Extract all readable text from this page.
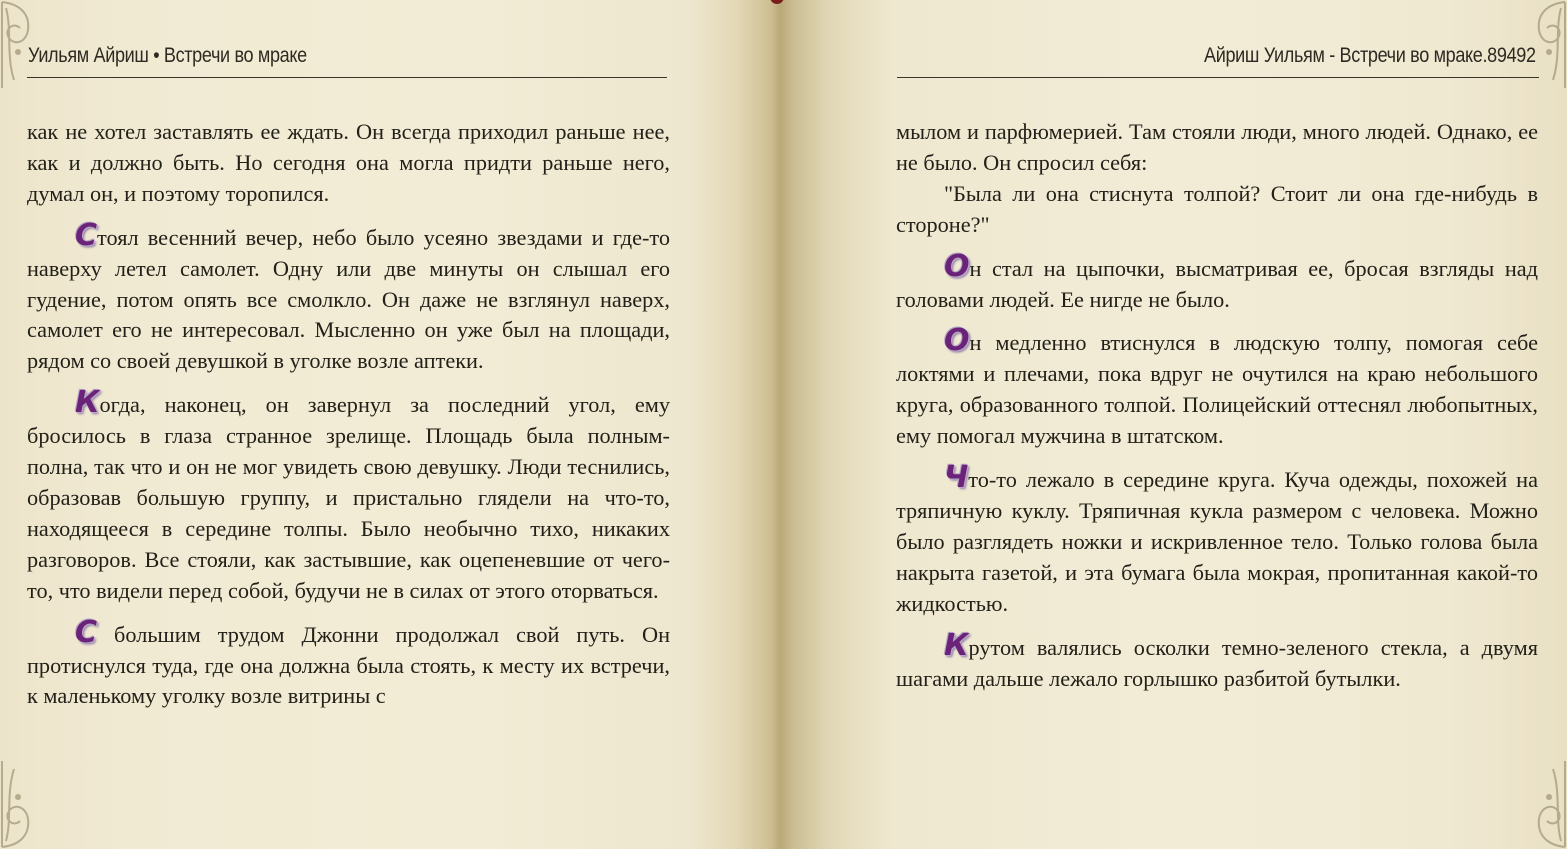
Уильям Айриш • Встречи во мраке

как не хотел заставлять ее ждать. Он всегда приходил раньше нее, как и должно быть. Но сегодня она могла придти раньше него, думал он, и поэтому торопился.

Стоял весенний вечер, небо было усеяно звездами и где-то наверху летел самолет. Одну или две минуты он слышал его гудение, потом опять все смолкло. Он даже не взглянул наверх, самолет его не интересовал. Мысленно он уже был на площади, рядом со своей девушкой в уголке возле аптеки.

Когда, наконец, он завернул за последний угол, ему бросилось в глаза странное зрелище. Площадь была полным-полна, так что и он не мог увидеть свою девушку. Люди теснились, образовав большую группу, и пристально глядели на что-то, находящееся в середине толпы. Было необычно тихо, никаких разговоров. Все стояли, как застывшие, как оцепеневшие от чего-то, что видели перед собой, будучи не в силах от этого оторваться.

С большим трудом Джонни продолжал свой путь. Он протиснулся туда, где она должна была стоять, к месту их встречи, к маленькому уголку возле витрины с

Айриш Уильям - Встречи во мраке.89492

мылом и парфюмерией. Там стояли люди, много людей. Однако, ее не было. Он спросил себя:

"Была ли она стиснута толпой? Стоит ли она где-нибудь в стороне?"

Он стал на цыпочки, высматривая ее, бросая взгляды над головами людей. Ее нигде не было.

Он медленно втиснулся в людскую толпу, помогая себе локтями и плечами, пока вдруг не очутился на краю небольшого круга, образованного толпой. Полицейский оттеснял любопытных, ему помогал мужчина в штатском.

Что-то лежало в середине круга. Куча одежды, похожей на тряпичную куклу. Тряпичная кукла размером с человека. Можно было разглядеть ножки и искривленное тело. Только голова была накрыта газетой, и эта бумага была мокрая, пропитанная какой-то жидкостью.

Крутом валялись осколки темно-зеленого стекла, а двумя шагами дальше лежало горлышко разбитой бутылки.
